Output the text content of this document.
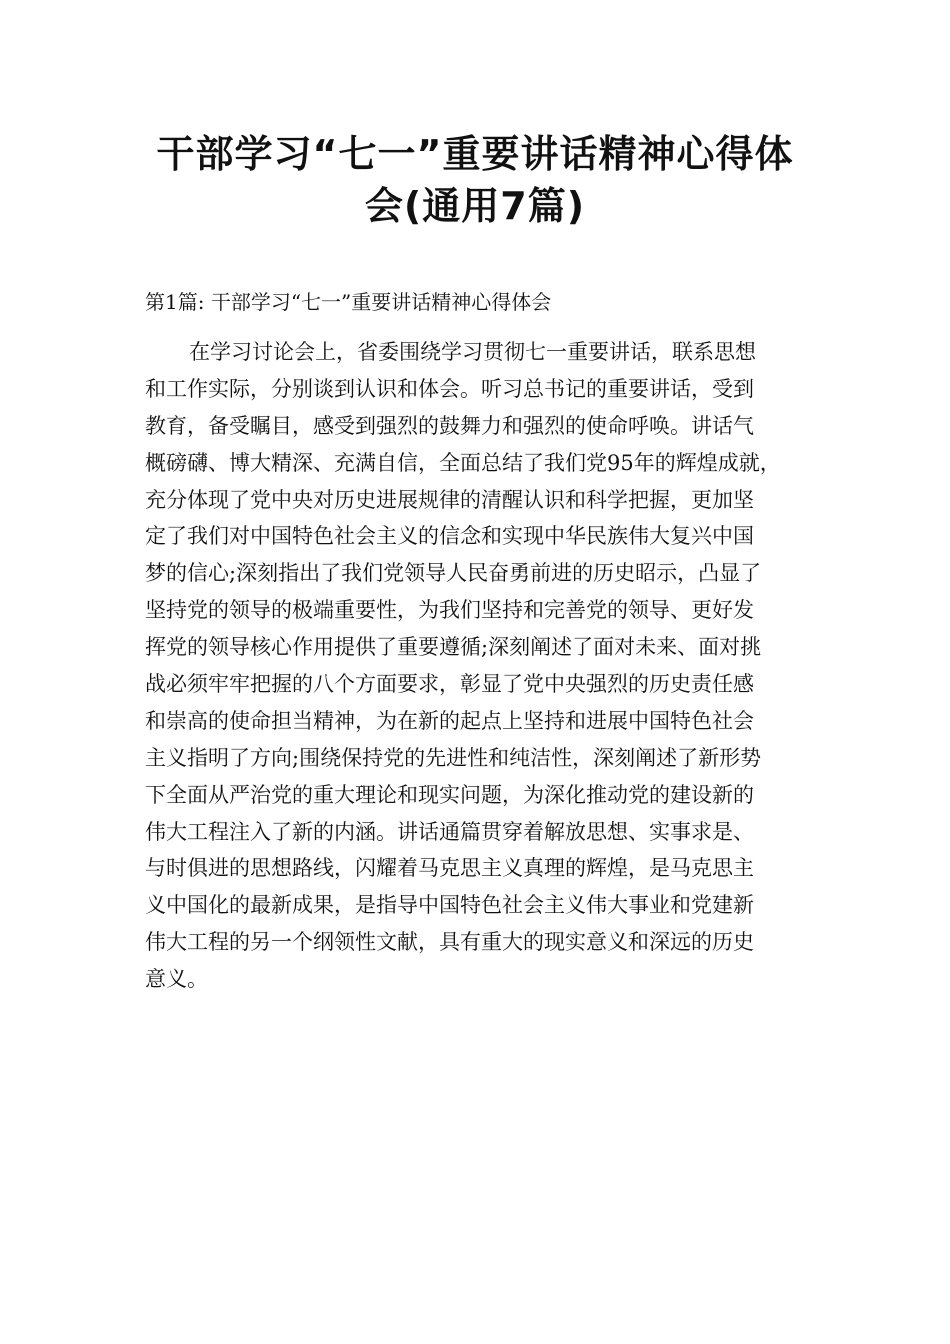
干部学习“七一”重要讲话精神心得体
会(通用7篇)

第1篇: 干部学习“七一”重要讲话精神心得体会

在学习讨论会上，省委围绕学习贯彻七一重要讲话，联系思想
和工作实际，分别谈到认识和体会。听习总书记的重要讲话，受到
教育，备受瞩目，感受到强烈的鼓舞力和强烈的使命呼唤。讲话气
概磅礴、博大精深、充满自信，全面总结了我们党95年的辉煌成就，
充分体现了党中央对历史进展规律的清醒认识和科学把握，更加坚
定了我们对中国特色社会主义的信念和实现中华民族伟大复兴中国
梦的信心;深刻指出了我们党领导人民奋勇前进的历史昭示，凸显了
坚持党的领导的极端重要性，为我们坚持和完善党的领导、更好发
挥党的领导核心作用提供了重要遵循;深刻阐述了面对未来、面对挑
战必须牢牢把握的八个方面要求，彰显了党中央强烈的历史责任感
和崇高的使命担当精神，为在新的起点上坚持和进展中国特色社会
主义指明了方向;围绕保持党的先进性和纯洁性，深刻阐述了新形势
下全面从严治党的重大理论和现实问题，为深化推动党的建设新的
伟大工程注入了新的内涵。讲话通篇贯穿着解放思想、实事求是、
与时俱进的思想路线，闪耀着马克思主义真理的辉煌，是马克思主
义中国化的最新成果，是指导中国特色社会主义伟大事业和党建新
伟大工程的另一个纲领性文献，具有重大的现实意义和深远的历史
意义。
